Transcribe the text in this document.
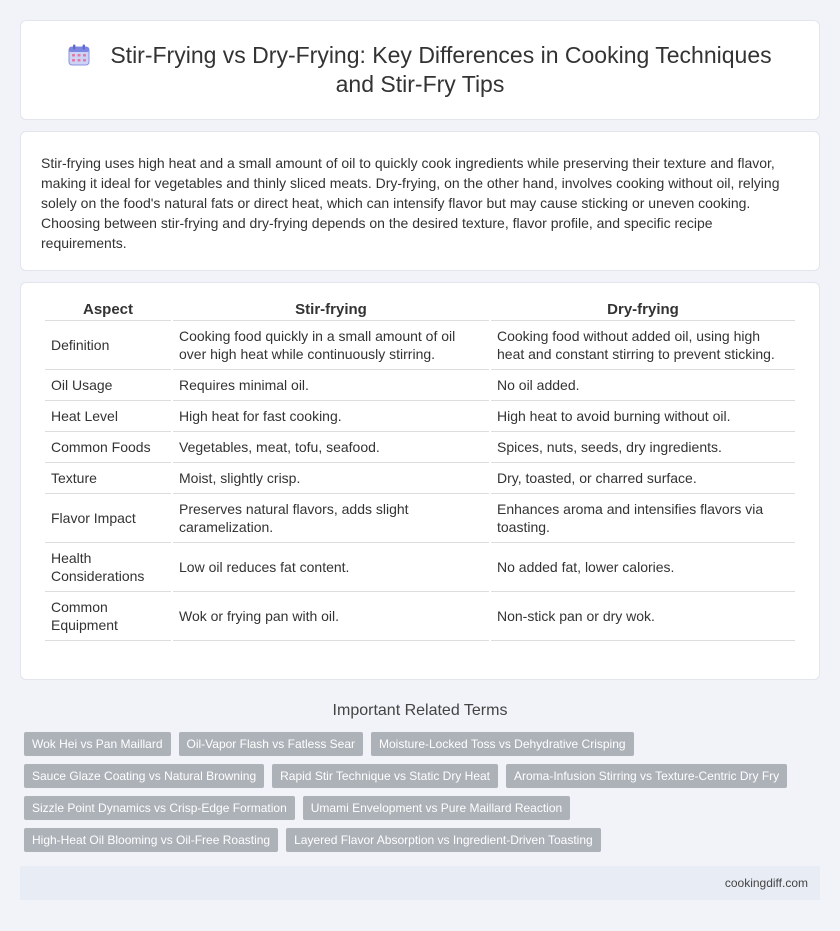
Stir-Frying vs Dry-Frying: Key Differences in Cooking Techniques and Stir-Fry Tips

Stir-frying uses high heat and a small amount of oil to quickly cook ingredients while preserving their texture and flavor, making it ideal for vegetables and thinly sliced meats. Dry-frying, on the other hand, involves cooking without oil, relying solely on the food's natural fats or direct heat, which can intensify flavor but may cause sticking or uneven cooking. Choosing between stir-frying and dry-frying depends on the desired texture, flavor profile, and specific recipe requirements.

Aspect	Stir-frying	Dry-frying
Definition	Cooking food quickly in a small amount of oil over high heat while continuously stirring.	Cooking food without added oil, using high heat and constant stirring to prevent sticking.
Oil Usage	Requires minimal oil.	No oil added.
Heat Level	High heat for fast cooking.	High heat to avoid burning without oil.
Common Foods	Vegetables, meat, tofu, seafood.	Spices, nuts, seeds, dry ingredients.
Texture	Moist, slightly crisp.	Dry, toasted, or charred surface.
Flavor Impact	Preserves natural flavors, adds slight caramelization.	Enhances aroma and intensifies flavors via toasting.
Health Considerations	Low oil reduces fat content.	No added fat, lower calories.
Common Equipment	Wok or frying pan with oil.	Non-stick pan or dry wok.
Important Related Terms
Wok Hei vs Pan Maillard	Oil-Vapor Flash vs Fatless Sear	Moisture-Locked Toss vs Dehydrative Crisping
Sauce Glaze Coating vs Natural Browning	Rapid Stir Technique vs Static Dry Heat	Aroma-Infusion Stirring vs Texture-Centric Dry Fry
Sizzle Point Dynamics vs Crisp-Edge Formation	Umami Envelopment vs Pure Maillard Reaction
High-Heat Oil Blooming vs Oil-Free Roasting	Layered Flavor Absorption vs Ingredient-Driven Toasting
cookingdiff.com
